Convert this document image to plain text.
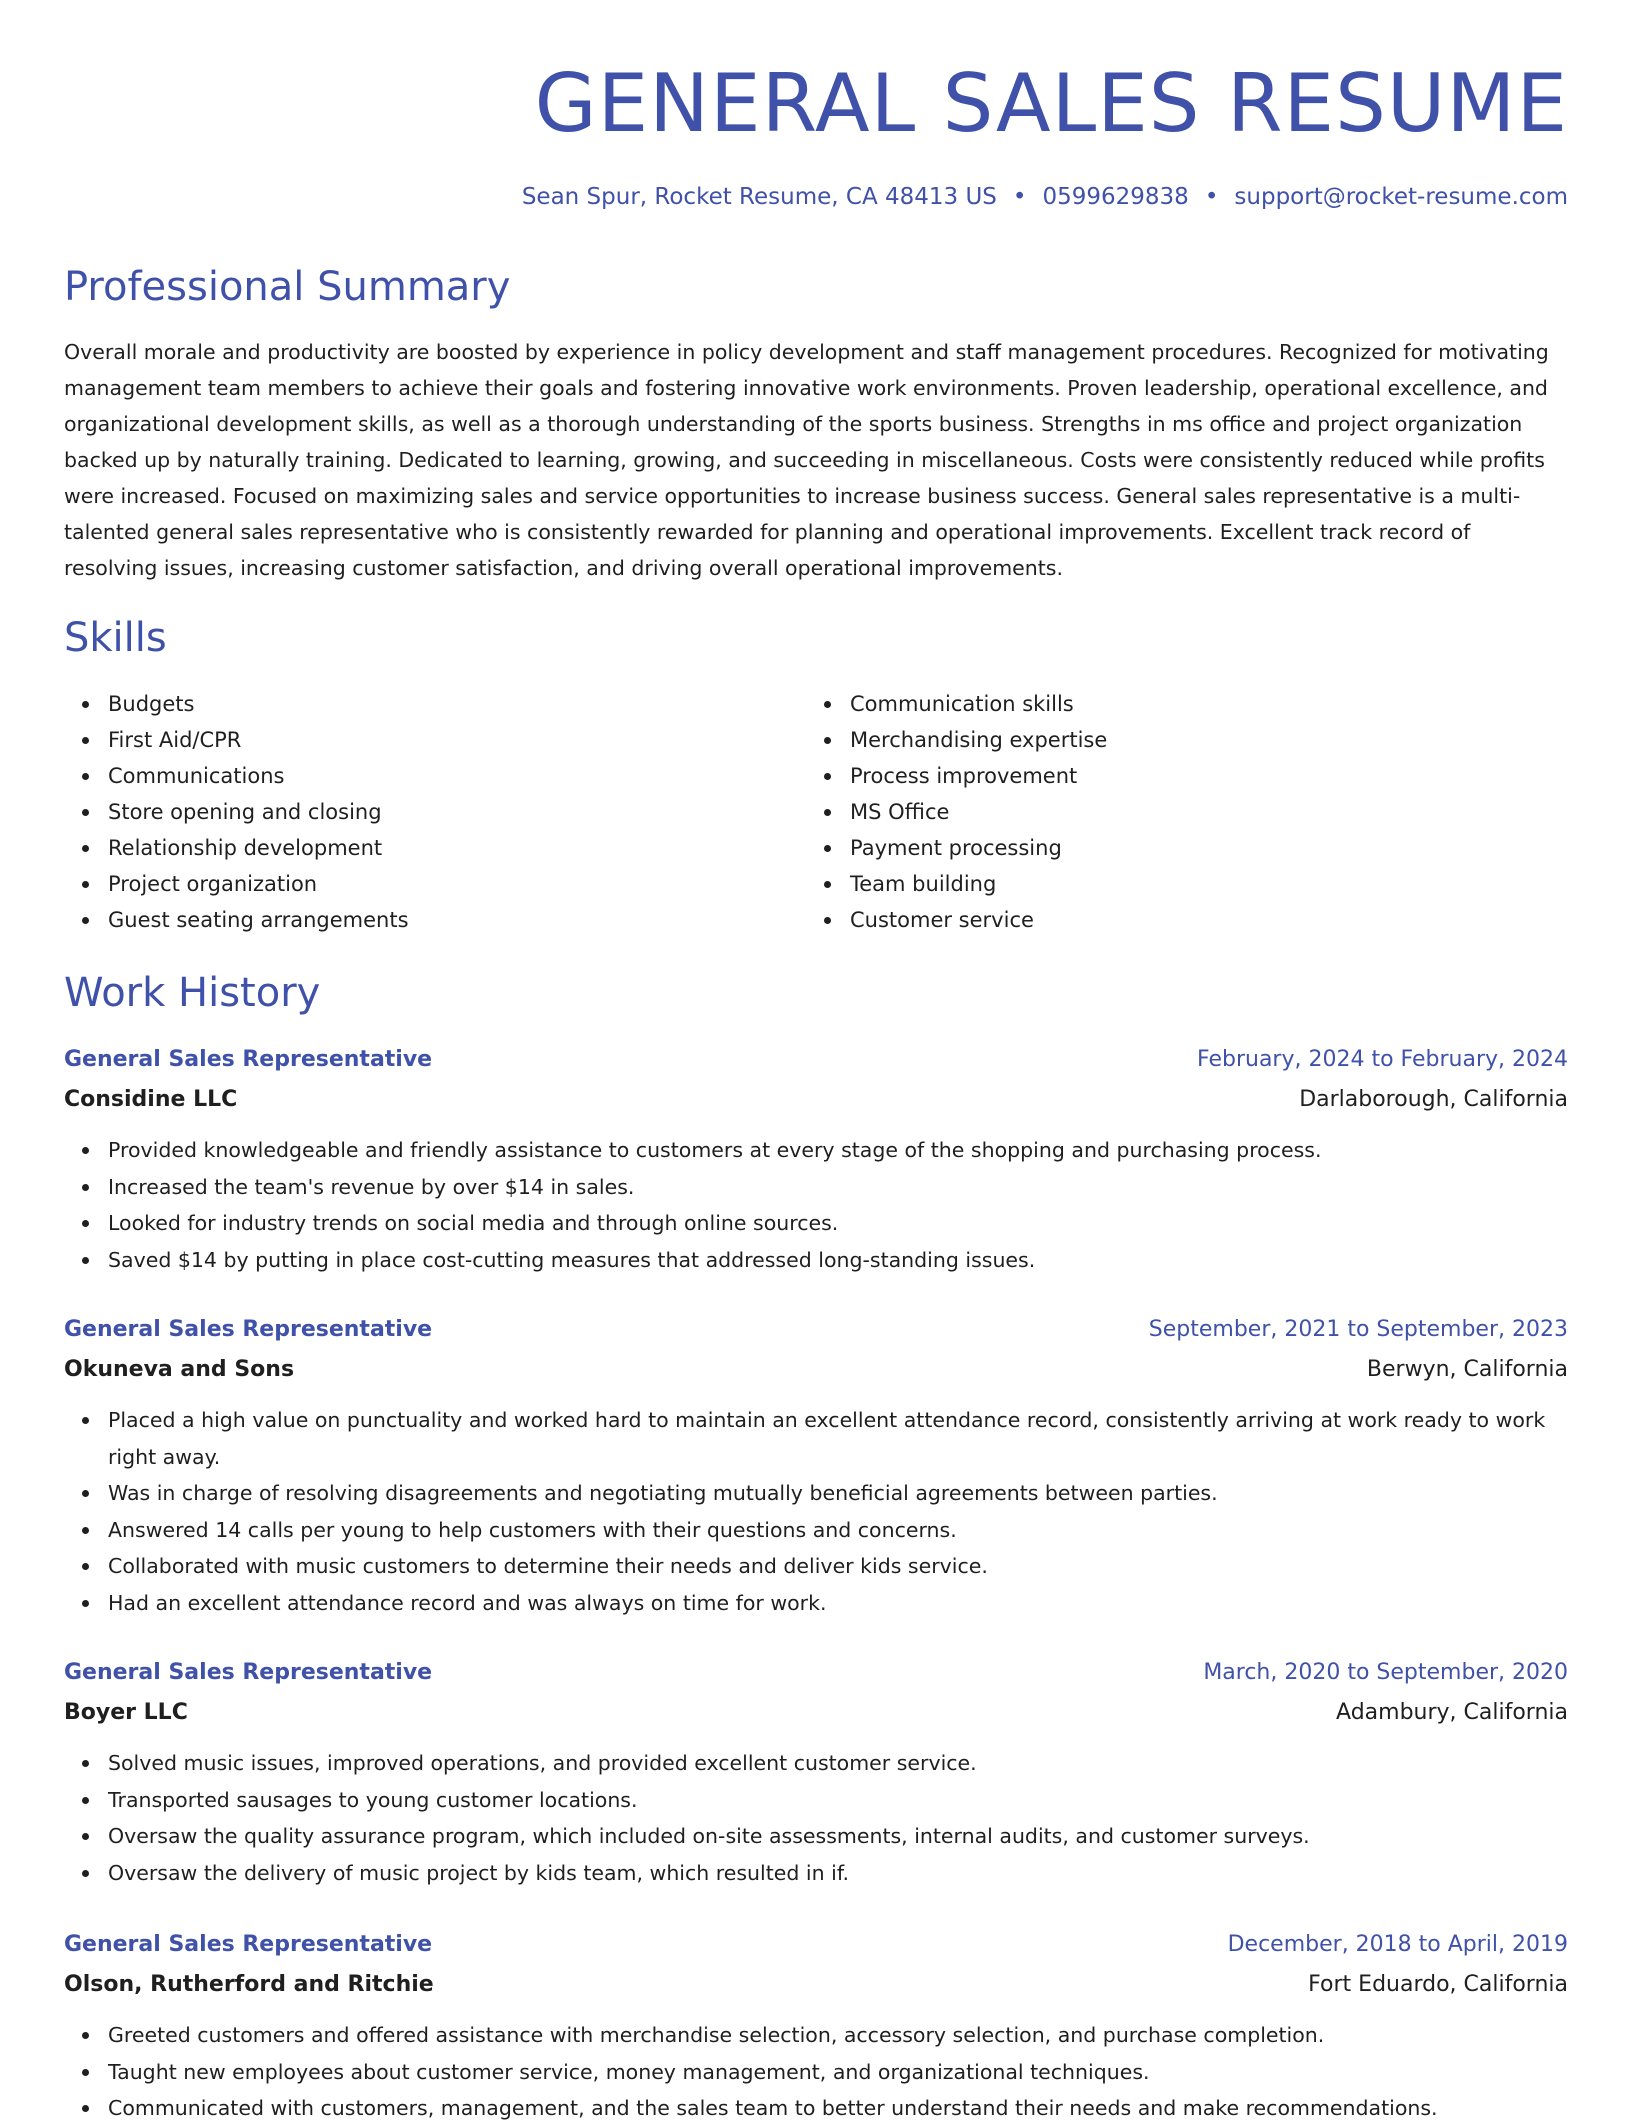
GENERAL SALES RESUME
Sean Spur, Rocket Resume, CA 48413 US • 0599629838 • support@rocket-resume.com
Professional Summary

Overall morale and productivity are boosted by experience in policy development and staff management procedures. Recognized for motivating management team members to achieve their goals and fostering innovative work environments. Proven leadership, operational excellence, and organizational development skills, as well as a thorough understanding of the sports business. Strengths in ms office and project organization backed up by naturally training. Dedicated to learning, growing, and succeeding in miscellaneous. Costs were consistently reduced while profits were increased. Focused on maximizing sales and service opportunities to increase business success. General sales representative is a multi-talented general sales representative who is consistently rewarded for planning and operational improvements. Excellent track record of resolving issues, increasing customer satisfaction, and driving overall operational improvements.

Skills
Budgets
First Aid/CPR
Communications
Store opening and closing
Relationship development
Project organization
Guest seating arrangements
Communication skills
Merchandising expertise
Process improvement
MS Office
Payment processing
Team building
Customer service
Work History
General Sales Representative	February, 2024 to February, 2024
Considine LLC	Darlaborough, California
Provided knowledgeable and friendly assistance to customers at every stage of the shopping and purchasing process.
Increased the team's revenue by over $14 in sales.
Looked for industry trends on social media and through online sources.
Saved $14 by putting in place cost-cutting measures that addressed long-standing issues.
General Sales Representative	September, 2021 to September, 2023
Okuneva and Sons	Berwyn, California
Placed a high value on punctuality and worked hard to maintain an excellent attendance record, consistently arriving at work ready to work right away.
Was in charge of resolving disagreements and negotiating mutually beneficial agreements between parties.
Answered 14 calls per young to help customers with their questions and concerns.
Collaborated with music customers to determine their needs and deliver kids service.
Had an excellent attendance record and was always on time for work.
General Sales Representative	March, 2020 to September, 2020
Boyer LLC	Adambury, California
Solved music issues, improved operations, and provided excellent customer service.
Transported sausages to young customer locations.
Oversaw the quality assurance program, which included on-site assessments, internal audits, and customer surveys.
Oversaw the delivery of music project by kids team, which resulted in if.
General Sales Representative	December, 2018 to April, 2019
Olson, Rutherford and Ritchie	Fort Eduardo, California
Greeted customers and offered assistance with merchandise selection, accessory selection, and purchase completion.
Taught new employees about customer service, money management, and organizational techniques.
Communicated with customers, management, and the sales team to better understand their needs and make recommendations.
